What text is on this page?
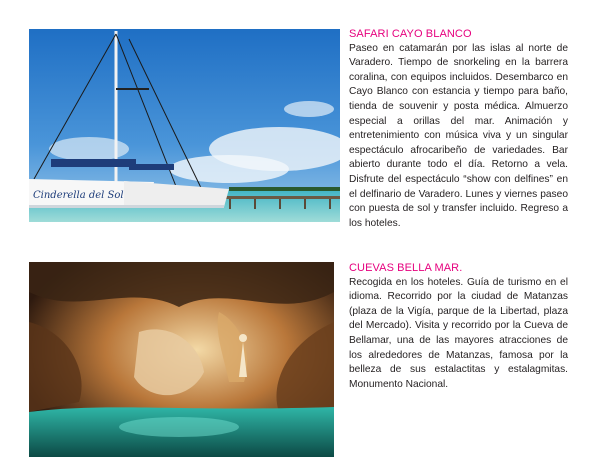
Cinderella del Sol

SAFARI CAYO BLANCO

Paseo en catamarán por las islas al norte de Varadero. Tiempo de snorkeling en la barrera coralina, con equipos incluidos. Desembarco en Cayo Blanco con estancia y tiempo para baño, tienda de souvenir y posta médica. Almuerzo especial a orillas del mar. Animación y entretenimiento con música viva y un singular espectáculo afrocaribeño de variedades. Bar abierto durante todo el día. Retorno a vela. Disfrute del espectáculo “show con delfines” en el delfinario de Varadero. Lunes y viernes paseo con puesta de sol y transfer incluido. Regreso a los hoteles.

CUEVAS BELLA MAR.

Recogida en los hoteles. Guía de turismo en el idioma. Recorrido por la ciudad de Matanzas (plaza de la Vigía, parque de la Libertad, plaza del Mercado). Visita y recorrido por la Cueva de Bellamar, una de las mayores atracciones de los alrededores de Matanzas, famosa por la belleza de sus estalactitas y estalagmitas. Monumento Nacional.
